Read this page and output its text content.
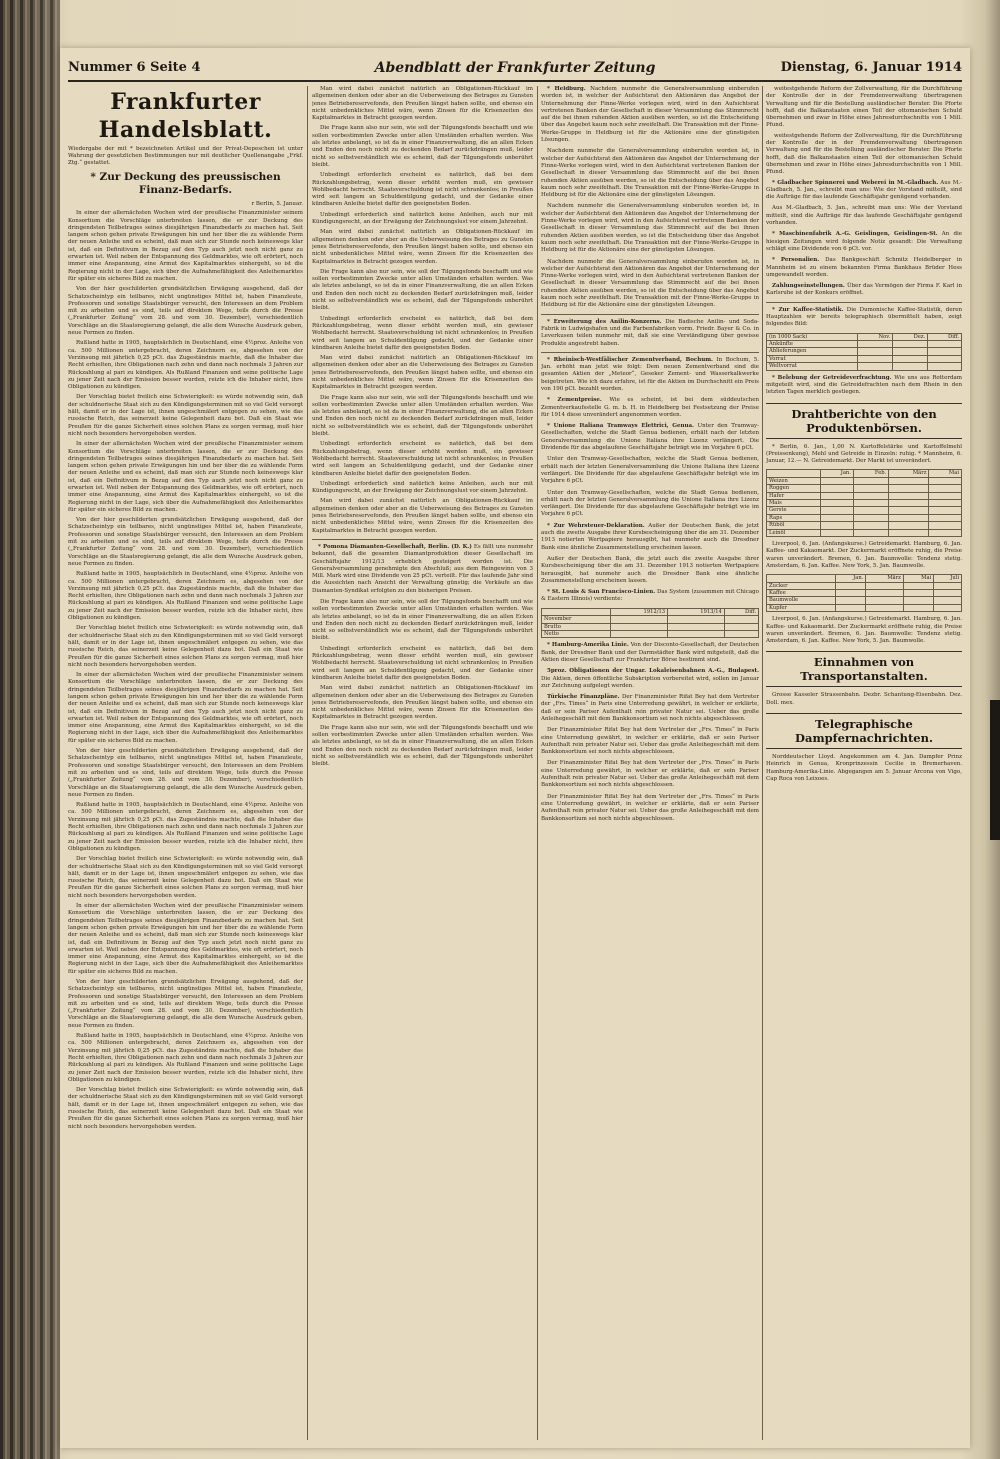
Nummer 6 Seite 4	Abendblatt der Frankfurter Zeitung	Dienstag, 6. Januar 1914
Frankfurter Handelsblatt.
Wiedergabe der mit * bezeichneten Artikel und der Privat-Depeschen ist unter Wahrung der gesetzlichen Bestimmungen nur mit deutlicher Quellenangabe „Frkf. Ztg.“ gestattet.
* Zur Deckung des preussischen Finanz-Bedarfs.
r Berlin, 5. Januar.

In einer der allernächsten Wochen wird der preußische Finanzminister seinem Konsortium die Vorschläge unterbreiten lassen, die er zur Deckung des dringendsten Teilbetrages seines diesjährigen Finanzbedarfs zu machen hat. Seit langem schon gehen private Erwägungen hin und her über die zu wählende Form der neuen Anleihe und es scheint, daß man sich zur Stunde noch keineswegs klar ist, daß ein Definitivum in Bezug auf den Typ auch jetzt noch nicht ganz zu erwarten ist. Weil neben der Entspannung des Geldmarktes, wie oft erörtert, noch immer eine Anspannung, eine Armut des Kapitalmarktes einhergeht, so ist die Regierung nicht in der Lage, sich über die Aufnahmefähigkeit des Anleihemarktes für später ein sicheres Bild zu machen.

Von der hier geschilderten grundsätzlichen Erwägung ausgehend, daß der Schatzscheintyp ein teilbares, nicht ungünstiges Mittel ist, haben Finanzleute, Professoren und sonstige Staatsbürger versucht, den Interessen an dem Problem mit zu arbeiten und es sind, teils auf direktem Wege, teils durch die Presse („Frankfurter Zeitung“ vom 28. und vom 30. Dezember), verschiedentlich Vorschläge an die Staatsregierung gelangt, die alle dem Wunsche Ausdruck geben, neue Formen zu finden.

Rußland hatte in 1905, hauptsächlich in Deutschland, eine 4½proz. Anleihe von ca. 500 Millionen untergebracht, deren Zeichnern es, abgesehen von der Verzinsung mit jährlich 0,25 pCt. das Zugeständnis machte, daß die Inhaber das Recht erhielten, ihre Obligationen nach zehn und dann nach nochmals 3 Jahren zur Rückzahlung al pari zu kündigen. Als Rußland Finanzen und seine politische Lage zu jener Zeit nach der Emission besser wurden, reizte ich die Inhaber nicht, ihre Obligationen zu kündigen.

Der Vorschlag bietet freilich eine Schwierigkeit: es würde notwendig sein, daß der schuldnerische Staat sich zu den Kündigungsterminen mit so viel Geld versorgt hält, damit er in der Lage ist, ihnen ungeschmälert entgegen zu sehen, wie das russische Reich, das seinerzeit keine Gelegenheit dazu bot. Daß ein Staat wie Preußen für die ganze Sicherheit eines solchen Plans zu sorgen vermag, muß hier nicht noch besonders hervorgehoben werden.

In einer der allernächsten Wochen wird der preußische Finanzminister seinem Konsortium die Vorschläge unterbreiten lassen, die er zur Deckung des dringendsten Teilbetrages seines diesjährigen Finanzbedarfs zu machen hat. Seit langem schon gehen private Erwägungen hin und her über die zu wählende Form der neuen Anleihe und es scheint, daß man sich zur Stunde noch keineswegs klar ist, daß ein Definitivum in Bezug auf den Typ auch jetzt noch nicht ganz zu erwarten ist. Weil neben der Entspannung des Geldmarktes, wie oft erörtert, noch immer eine Anspannung, eine Armut des Kapitalmarktes einhergeht, so ist die Regierung nicht in der Lage, sich über die Aufnahmefähigkeit des Anleihemarktes für später ein sicheres Bild zu machen.

Von der hier geschilderten grundsätzlichen Erwägung ausgehend, daß der Schatzscheintyp ein teilbares, nicht ungünstiges Mittel ist, haben Finanzleute, Professoren und sonstige Staatsbürger versucht, den Interessen an dem Problem mit zu arbeiten und es sind, teils auf direktem Wege, teils durch die Presse („Frankfurter Zeitung“ vom 28. und vom 30. Dezember), verschiedentlich Vorschläge an die Staatsregierung gelangt, die alle dem Wunsche Ausdruck geben, neue Formen zu finden.

Rußland hatte in 1905, hauptsächlich in Deutschland, eine 4½proz. Anleihe von ca. 500 Millionen untergebracht, deren Zeichnern es, abgesehen von der Verzinsung mit jährlich 0,25 pCt. das Zugeständnis machte, daß die Inhaber das Recht erhielten, ihre Obligationen nach zehn und dann nach nochmals 3 Jahren zur Rückzahlung al pari zu kündigen. Als Rußland Finanzen und seine politische Lage zu jener Zeit nach der Emission besser wurden, reizte ich die Inhaber nicht, ihre Obligationen zu kündigen.

Der Vorschlag bietet freilich eine Schwierigkeit: es würde notwendig sein, daß der schuldnerische Staat sich zu den Kündigungsterminen mit so viel Geld versorgt hält, damit er in der Lage ist, ihnen ungeschmälert entgegen zu sehen, wie das russische Reich, das seinerzeit keine Gelegenheit dazu bot. Daß ein Staat wie Preußen für die ganze Sicherheit eines solchen Plans zu sorgen vermag, muß hier nicht noch besonders hervorgehoben werden.

In einer der allernächsten Wochen wird der preußische Finanzminister seinem Konsortium die Vorschläge unterbreiten lassen, die er zur Deckung des dringendsten Teilbetrages seines diesjährigen Finanzbedarfs zu machen hat. Seit langem schon gehen private Erwägungen hin und her über die zu wählende Form der neuen Anleihe und es scheint, daß man sich zur Stunde noch keineswegs klar ist, daß ein Definitivum in Bezug auf den Typ auch jetzt noch nicht ganz zu erwarten ist. Weil neben der Entspannung des Geldmarktes, wie oft erörtert, noch immer eine Anspannung, eine Armut des Kapitalmarktes einhergeht, so ist die Regierung nicht in der Lage, sich über die Aufnahmefähigkeit des Anleihemarktes für später ein sicheres Bild zu machen.

Von der hier geschilderten grundsätzlichen Erwägung ausgehend, daß der Schatzscheintyp ein teilbares, nicht ungünstiges Mittel ist, haben Finanzleute, Professoren und sonstige Staatsbürger versucht, den Interessen an dem Problem mit zu arbeiten und es sind, teils auf direktem Wege, teils durch die Presse („Frankfurter Zeitung“ vom 28. und vom 30. Dezember), verschiedentlich Vorschläge an die Staatsregierung gelangt, die alle dem Wunsche Ausdruck geben, neue Formen zu finden.

Rußland hatte in 1905, hauptsächlich in Deutschland, eine 4½proz. Anleihe von ca. 500 Millionen untergebracht, deren Zeichnern es, abgesehen von der Verzinsung mit jährlich 0,25 pCt. das Zugeständnis machte, daß die Inhaber das Recht erhielten, ihre Obligationen nach zehn und dann nach nochmals 3 Jahren zur Rückzahlung al pari zu kündigen. Als Rußland Finanzen und seine politische Lage zu jener Zeit nach der Emission besser wurden, reizte ich die Inhaber nicht, ihre Obligationen zu kündigen.

Der Vorschlag bietet freilich eine Schwierigkeit: es würde notwendig sein, daß der schuldnerische Staat sich zu den Kündigungsterminen mit so viel Geld versorgt hält, damit er in der Lage ist, ihnen ungeschmälert entgegen zu sehen, wie das russische Reich, das seinerzeit keine Gelegenheit dazu bot. Daß ein Staat wie Preußen für die ganze Sicherheit eines solchen Plans zu sorgen vermag, muß hier nicht noch besonders hervorgehoben werden.

In einer der allernächsten Wochen wird der preußische Finanzminister seinem Konsortium die Vorschläge unterbreiten lassen, die er zur Deckung des dringendsten Teilbetrages seines diesjährigen Finanzbedarfs zu machen hat. Seit langem schon gehen private Erwägungen hin und her über die zu wählende Form der neuen Anleihe und es scheint, daß man sich zur Stunde noch keineswegs klar ist, daß ein Definitivum in Bezug auf den Typ auch jetzt noch nicht ganz zu erwarten ist. Weil neben der Entspannung des Geldmarktes, wie oft erörtert, noch immer eine Anspannung, eine Armut des Kapitalmarktes einhergeht, so ist die Regierung nicht in der Lage, sich über die Aufnahmefähigkeit des Anleihemarktes für später ein sicheres Bild zu machen.

Von der hier geschilderten grundsätzlichen Erwägung ausgehend, daß der Schatzscheintyp ein teilbares, nicht ungünstiges Mittel ist, haben Finanzleute, Professoren und sonstige Staatsbürger versucht, den Interessen an dem Problem mit zu arbeiten und es sind, teils auf direktem Wege, teils durch die Presse („Frankfurter Zeitung“ vom 28. und vom 30. Dezember), verschiedentlich Vorschläge an die Staatsregierung gelangt, die alle dem Wunsche Ausdruck geben, neue Formen zu finden.

Rußland hatte in 1905, hauptsächlich in Deutschland, eine 4½proz. Anleihe von ca. 500 Millionen untergebracht, deren Zeichnern es, abgesehen von der Verzinsung mit jährlich 0,25 pCt. das Zugeständnis machte, daß die Inhaber das Recht erhielten, ihre Obligationen nach zehn und dann nach nochmals 3 Jahren zur Rückzahlung al pari zu kündigen. Als Rußland Finanzen und seine politische Lage zu jener Zeit nach der Emission besser wurden, reizte ich die Inhaber nicht, ihre Obligationen zu kündigen.

Der Vorschlag bietet freilich eine Schwierigkeit: es würde notwendig sein, daß der schuldnerische Staat sich zu den Kündigungsterminen mit so viel Geld versorgt hält, damit er in der Lage ist, ihnen ungeschmälert entgegen zu sehen, wie das russische Reich, das seinerzeit keine Gelegenheit dazu bot. Daß ein Staat wie Preußen für die ganze Sicherheit eines solchen Plans zu sorgen vermag, muß hier nicht noch besonders hervorgehoben werden.

Man wird dabei zunächst natürlich an Obligationen-Rückkauf im allgemeinen denken oder aber an die Ueberweisung des Betrages zu Gunsten jenes Betriebsreservefonds, den Preußen längst haben sollte, und ebenso ein nicht unbedenkliches Mittel wäre, wenn Zinsen für die Krisenzeiten des Kapitalmarktes in Betracht gezogen werden.

Die Frage kann also nur sein, wie soll der Tilgungsfonds beschafft und wie sollen vorbestimmten Zwecke unter allen Umständen erhalten werden. Was als letztes anbelangt, so ist da in einer Finanzverwaltung, die an allen Ecken und Enden den noch nicht zu deckenden Bedarf zurückdrängen muß, leider nicht so selbstverständlich wie es scheint, daß der Tilgungsfonds unberührt bleibt.

Unbedingt erforderlich erscheint es natürlich, daß bei dem Rückzahlungsbetrag, wenn dieser erhöht werden muß, ein gewisser Wohlbedacht herrscht. Staatsverschuldung ist nicht schrankenlos; in Preußen wird seit langem an Schuldentilgung gedacht, und der Gedanke einer kündbaren Anleihe bietet dafür den geeignetsten Boden.

Unbedingt erforderlich sind natürlich keine Anleihen, auch nur mit Kündigungsrecht, an der Erwägung der Zeichnungslust vor einem Jahrzehnt.

Man wird dabei zunächst natürlich an Obligationen-Rückkauf im allgemeinen denken oder aber an die Ueberweisung des Betrages zu Gunsten jenes Betriebsreservefonds, den Preußen längst haben sollte, und ebenso ein nicht unbedenkliches Mittel wäre, wenn Zinsen für die Krisenzeiten des Kapitalmarktes in Betracht gezogen werden.

Die Frage kann also nur sein, wie soll der Tilgungsfonds beschafft und wie sollen vorbestimmten Zwecke unter allen Umständen erhalten werden. Was als letztes anbelangt, so ist da in einer Finanzverwaltung, die an allen Ecken und Enden den noch nicht zu deckenden Bedarf zurückdrängen muß, leider nicht so selbstverständlich wie es scheint, daß der Tilgungsfonds unberührt bleibt.

Unbedingt erforderlich erscheint es natürlich, daß bei dem Rückzahlungsbetrag, wenn dieser erhöht werden muß, ein gewisser Wohlbedacht herrscht. Staatsverschuldung ist nicht schrankenlos; in Preußen wird seit langem an Schuldentilgung gedacht, und der Gedanke einer kündbaren Anleihe bietet dafür den geeignetsten Boden.

Man wird dabei zunächst natürlich an Obligationen-Rückkauf im allgemeinen denken oder aber an die Ueberweisung des Betrages zu Gunsten jenes Betriebsreservefonds, den Preußen längst haben sollte, und ebenso ein nicht unbedenkliches Mittel wäre, wenn Zinsen für die Krisenzeiten des Kapitalmarktes in Betracht gezogen werden.

Die Frage kann also nur sein, wie soll der Tilgungsfonds beschafft und wie sollen vorbestimmten Zwecke unter allen Umständen erhalten werden. Was als letztes anbelangt, so ist da in einer Finanzverwaltung, die an allen Ecken und Enden den noch nicht zu deckenden Bedarf zurückdrängen muß, leider nicht so selbstverständlich wie es scheint, daß der Tilgungsfonds unberührt bleibt.

Unbedingt erforderlich erscheint es natürlich, daß bei dem Rückzahlungsbetrag, wenn dieser erhöht werden muß, ein gewisser Wohlbedacht herrscht. Staatsverschuldung ist nicht schrankenlos; in Preußen wird seit langem an Schuldentilgung gedacht, und der Gedanke einer kündbaren Anleihe bietet dafür den geeignetsten Boden.

Unbedingt erforderlich sind natürlich keine Anleihen, auch nur mit Kündigungsrecht, an der Erwägung der Zeichnungslust vor einem Jahrzehnt.

Man wird dabei zunächst natürlich an Obligationen-Rückkauf im allgemeinen denken oder aber an die Ueberweisung des Betrages zu Gunsten jenes Betriebsreservefonds, den Preußen längst haben sollte, und ebenso ein nicht unbedenkliches Mittel wäre, wenn Zinsen für die Krisenzeiten des Kapitalmarktes in Betracht gezogen werden.

* Pomona Diamanten-Gesellschaft, Berlin. (D. K.) Es fällt uns nunmehr bekannt, daß die gesamten Diamantproduktion dieser Gesellschaft im Geschäftsjahr 1912/13 erheblich gesteigert worden ist. Die Generalversammlung genehmigte den Abschluß; aus dem Reingewinn von 3 Mill. Mark wird eine Dividende von 25 pCt. verteilt. Für das laufende Jahr sind die Aussichten nach Ansicht der Verwaltung günstig; die Verkäufe an das Diamanten-Syndikat erfolgten zu den bisherigen Preisen.

Die Frage kann also nur sein, wie soll der Tilgungsfonds beschafft und wie sollen vorbestimmten Zwecke unter allen Umständen erhalten werden. Was als letztes anbelangt, so ist da in einer Finanzverwaltung, die an allen Ecken und Enden den noch nicht zu deckenden Bedarf zurückdrängen muß, leider nicht so selbstverständlich wie es scheint, daß der Tilgungsfonds unberührt bleibt.

Unbedingt erforderlich erscheint es natürlich, daß bei dem Rückzahlungsbetrag, wenn dieser erhöht werden muß, ein gewisser Wohlbedacht herrscht. Staatsverschuldung ist nicht schrankenlos; in Preußen wird seit langem an Schuldentilgung gedacht, und der Gedanke einer kündbaren Anleihe bietet dafür den geeignetsten Boden.

Man wird dabei zunächst natürlich an Obligationen-Rückkauf im allgemeinen denken oder aber an die Ueberweisung des Betrages zu Gunsten jenes Betriebsreservefonds, den Preußen längst haben sollte, und ebenso ein nicht unbedenkliches Mittel wäre, wenn Zinsen für die Krisenzeiten des Kapitalmarktes in Betracht gezogen werden.

Die Frage kann also nur sein, wie soll der Tilgungsfonds beschafft und wie sollen vorbestimmten Zwecke unter allen Umständen erhalten werden. Was als letztes anbelangt, so ist da in einer Finanzverwaltung, die an allen Ecken und Enden den noch nicht zu deckenden Bedarf zurückdrängen muß, leider nicht so selbstverständlich wie es scheint, daß der Tilgungsfonds unberührt bleibt.

* Heldburg. Nachdem nunmehr die Generalversammlung einberufen worden ist, in welcher der Aufsichtsrat den Aktionären das Angebot der Unternehmung der Finne-Werke vorlegen wird, wird in den Aufsichtsrat vertretenen Banken der Gesellschaft in dieser Versammlung das Stimmrecht auf die bei ihnen ruhenden Aktien ausüben werden, so ist die Entscheidung über das Angebot kaum noch sehr zweifelhaft. Die Transaktion mit der Finne-Werke-Gruppe in Heldburg ist für die Aktionäre eine der günstigsten Lösungen.

Nachdem nunmehr die Generalversammlung einberufen worden ist, in welcher der Aufsichtsrat den Aktionären das Angebot der Unternehmung der Finne-Werke vorlegen wird, wird in den Aufsichtsrat vertretenen Banken der Gesellschaft in dieser Versammlung das Stimmrecht auf die bei ihnen ruhenden Aktien ausüben werden, so ist die Entscheidung über das Angebot kaum noch sehr zweifelhaft. Die Transaktion mit der Finne-Werke-Gruppe in Heldburg ist für die Aktionäre eine der günstigsten Lösungen.

Nachdem nunmehr die Generalversammlung einberufen worden ist, in welcher der Aufsichtsrat den Aktionären das Angebot der Unternehmung der Finne-Werke vorlegen wird, wird in den Aufsichtsrat vertretenen Banken der Gesellschaft in dieser Versammlung das Stimmrecht auf die bei ihnen ruhenden Aktien ausüben werden, so ist die Entscheidung über das Angebot kaum noch sehr zweifelhaft. Die Transaktion mit der Finne-Werke-Gruppe in Heldburg ist für die Aktionäre eine der günstigsten Lösungen.

Nachdem nunmehr die Generalversammlung einberufen worden ist, in welcher der Aufsichtsrat den Aktionären das Angebot der Unternehmung der Finne-Werke vorlegen wird, wird in den Aufsichtsrat vertretenen Banken der Gesellschaft in dieser Versammlung das Stimmrecht auf die bei ihnen ruhenden Aktien ausüben werden, so ist die Entscheidung über das Angebot kaum noch sehr zweifelhaft. Die Transaktion mit der Finne-Werke-Gruppe in Heldburg ist für die Aktionäre eine der günstigsten Lösungen.

* Erweiterung des Anilin-Konzerns. Die Badische Anilin- und Soda-Fabrik in Ludwigshafen und die Farbenfabriken vorm. Friedr. Bayer & Co. in Leverkusen teilen nunmehr mit, daß sie eine Verständigung über gewisse Produkte angestrebt haben.

* Rheinisch-Westfälischer Zementverband, Bochum. In Bochum, 5. Jan. erhöht man jetzt wie folgt: Dem neuen Zementverband sind die gesamten Aktien der „Meteor“, Geseker Zement- und Wasserkalkwerke beigetreten. Wie ich dazu erfahre, ist für die Aktien im Durchschnitt ein Preis von 190 pCt. bezahlt worden.

* Zementpreise. Wie es scheint, ist bei dem süddeutschen Zementverkaufsstelle G. m. b. H. in Heidelberg bei Festsetzung der Preise für 1914 diese unverändert angenommen worden.

* Unione Italiana Tramways Elettrici, Genua. Unter den Tramway-Gesellschaften, welche die Stadt Genua bedienen, erhält nach der letzten Generalversammlung die Unione Italiana ihre Lizenz verlängert. Die Dividende für das abgelaufene Geschäftsjahr beträgt wie im Vorjahre 6 pCt.

Unter den Tramway-Gesellschaften, welche die Stadt Genua bedienen, erhält nach der letzten Generalversammlung die Unione Italiana ihre Lizenz verlängert. Die Dividende für das abgelaufene Geschäftsjahr beträgt wie im Vorjahre 6 pCt.

Unter den Tramway-Gesellschaften, welche die Stadt Genua bedienen, erhält nach der letzten Generalversammlung die Unione Italiana ihre Lizenz verlängert. Die Dividende für das abgelaufene Geschäftsjahr beträgt wie im Vorjahre 6 pCt.

* Zur Wehrsteuer-Deklaration. Außer der Deutschen Bank, die jetzt auch die zweite Ausgabe ihrer Kursbescheinigung über die am 31. Dezember 1913 notierten Wertpapiere herausgibt, hat nunmehr auch die Dresdner Bank eine ähnliche Zusammenstellung erscheinen lassen.

Außer der Deutschen Bank, die jetzt auch die zweite Ausgabe ihrer Kursbescheinigung über die am 31. Dezember 1913 notierten Wertpapiere herausgibt, hat nunmehr auch die Dresdner Bank eine ähnliche Zusammenstellung erscheinen lassen.

* St. Louis & San Francisco-Linien. Das System (zusammen mit Chicago & Eastern Illinois) verdiente:

	1912/13	1913/14	Diff.
November			
Brutto			
Netto			

* Hamburg-Amerika Linie. Von der Disconto-Gesellschaft, der Deutschen Bank, der Dresdner Bank und der Darmstädter Bank wird mitgeteilt, daß die Aktien dieser Gesellschaft zur Frankfurter Börse bestimmt sind.

5proz. Obligationen der Ungar. Lokaleisenbahnen A.-G., Budapest. Die Aktien, deren öffentliche Subskription vorbereitet wird, sollen im Januar zur Zeichnung aufgelegt werden.

Türkische Finanzpläne. Der Finanzminister Rifat Bey hat dem Vertreter der „Frs. Times“ in Paris eine Unterredung gewährt, in welcher er erklärte, daß er sein Pariser Aufenthalt rein privater Natur sei. Ueber das große Anleihegeschäft mit dem Bankkonsortium sei noch nichts abgeschlossen.

Der Finanzminister Rifat Bey hat dem Vertreter der „Frs. Times“ in Paris eine Unterredung gewährt, in welcher er erklärte, daß er sein Pariser Aufenthalt rein privater Natur sei. Ueber das große Anleihegeschäft mit dem Bankkonsortium sei noch nichts abgeschlossen.

Der Finanzminister Rifat Bey hat dem Vertreter der „Frs. Times“ in Paris eine Unterredung gewährt, in welcher er erklärte, daß er sein Pariser Aufenthalt rein privater Natur sei. Ueber das große Anleihegeschäft mit dem Bankkonsortium sei noch nichts abgeschlossen.

Der Finanzminister Rifat Bey hat dem Vertreter der „Frs. Times“ in Paris eine Unterredung gewährt, in welcher er erklärte, daß er sein Pariser Aufenthalt rein privater Natur sei. Ueber das große Anleihegeschäft mit dem Bankkonsortium sei noch nichts abgeschlossen.

weitestgehende Reform der Zollverwaltung, für die Durchführung der Kontrolle der in der Fremdenverwaltung übertragenen Verwaltung und für die Bestellung ausländischer Berater. Die Pforte hofft, daß die Balkanstaaten einen Teil der ottomanischen Schuld übernehmen und zwar in Höhe eines Jahresdurchschnitts von 1 Mill. Pfund.

weitestgehende Reform der Zollverwaltung, für die Durchführung der Kontrolle der in der Fremdenverwaltung übertragenen Verwaltung und für die Bestellung ausländischer Berater. Die Pforte hofft, daß die Balkanstaaten einen Teil der ottomanischen Schuld übernehmen und zwar in Höhe eines Jahresdurchschnitts von 1 Mill. Pfund.

* Gladbacher Spinnerei und Weberei in M.-Gladbach. Aus M.-Gladbach, 5. Jan., schreibt man uns: Wie der Vorstand mitteilt, sind die Aufträge für das laufende Geschäftsjahr genügend vorhanden.

Aus M.-Gladbach, 5. Jan., schreibt man uns: Wie der Vorstand mitteilt, sind die Aufträge für das laufende Geschäftsjahr genügend vorhanden.

* Maschinenfabrik A.-G. Geislingen, Geislingen-St. An die hiesigen Zeitungen wird folgende Notiz gesandt: Die Verwaltung schlägt eine Dividende von 6 pCt. vor.

* Personalien. Das Bankgeschäft Schmitz Heidelberger in Mannheim ist zu einem bekannten Firma Bankhaus Brüder Hess umgewandelt worden.

Zahlungseinstellungen. Über das Vermögen der Firma F. Karl in Karlsruhe ist der Konkurs eröffnet.

* Zur Kaffee-Statistik. Die Dumonische Kaffee-Statistik, deren Hauptzahlen wir bereits telegraphisch übermittelt haben, zeigt folgendes Bild:

(in 1000 Sack)	Nov.	Dez.	Diff.
Ankünfte			
Ablieferungen			
Vorrat			
Weltvorrat			

* Belebung der Getreideverfrachtung. Wie uns aus Rotterdam mitgeteilt wird, sind die Getreidefrachten nach dem Rhein in den letzten Tagen merklich gestiegen.

Drahtberichte von den Produktenbörsen.

* Berlin, 6. Jan., 1,00 N. Kartoffelstärke und Kartoffelmehl (Preissenkung), Mehl und Getreide in Einzeln: ruhig. * Mannheim, 6. Januar, 12.— N. Getreidemarkt. Der Markt ist unverändert.

	Jan.	Feb.	März	Mai
Weizen				
Roggen				
Hafer				
Mais				
Gerste				
Raps				
Rüböl				
Leinöl				

Liverpool, 6. Jan. (Anfangskurse.) Getreidemarkt. Hamburg, 6. Jan. Kaffee- und Kakaomarkt. Der Zuckermarkt eröffnete ruhig, die Preise waren unverändert. Bremen, 6. Jan. Baumwolle: Tendenz stetig. Amsterdam, 6. Jan. Kaffee. New York, 5. Jan. Baumwolle.

	Jan.	März	Mai	Juli
Zucker				
Kaffee				
Baumwolle				
Kupfer				

Liverpool, 6. Jan. (Anfangskurse.) Getreidemarkt. Hamburg, 6. Jan. Kaffee- und Kakaomarkt. Der Zuckermarkt eröffnete ruhig, die Preise waren unverändert. Bremen, 6. Jan. Baumwolle: Tendenz stetig. Amsterdam, 6. Jan. Kaffee. New York, 5. Jan. Baumwolle.

Einnahmen von Transportanstalten.

Grosse Kasseler Strassenbahn. Dezbr. Schantung-Eisenbahn. Dez. Doll. mex.

Telegraphische Dampfernachrichten.

Norddeutscher Lloyd. Angekommen am 4. Jan. Dampfer Prinz Heinrich in Genua, Kronprinzessin Cecilie in Bremerhaven. Hamburg-Amerika-Linie. Abgegangen am 5. Januar Arcona von Vigo, Cap Roca von Leixoes.
